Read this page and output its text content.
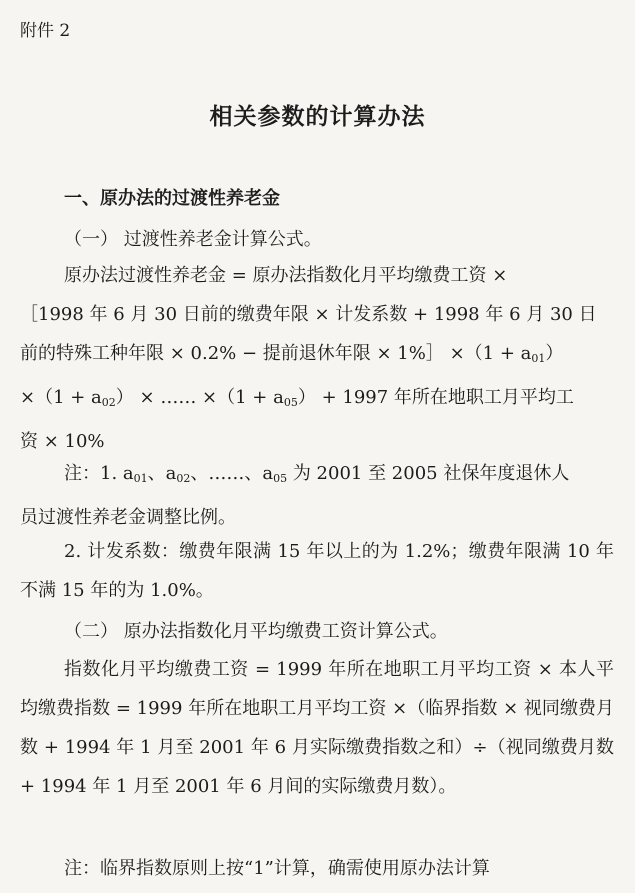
附件 2
相关参数的计算办法
一、原办法的过渡性养老金

（一） 过渡性养老金计算公式。

原办法过渡性养老金 = 原办法指数化月平均缴费工资 ×
［1998 年 6 月 30 日前的缴费年限 × 计发系数 + 1998 年 6 月 30 日
前的特殊工种年限 × 0.2% − 提前退休年限 × 1%］ $\times(1 + a_{01})$
$\times(1 + a_{02})$ × …… $\times(1 + a_{05}) + 1997$ 年所在地职工月平均工
资 × 10%
注：1. $a_{01}$、$a_{02}$、……、$a_{05}$ 为 2001 至 2005 社保年度退休人
员过渡性养老金调整比例。

2. 计发系数：缴费年限满 15 年以上的为 1.2%；缴费年限满 10 年不满 15 年的为 1.0%。

（二） 原办法指数化月平均缴费工资计算公式。

指数化月平均缴费工资 = 1999 年所在地职工月平均工资 × 本人平均缴费指数 = 1999 年所在地职工月平均工资 ×（临界指数 × 视同缴费月数 + 1994 年 1 月至 2001 年 6 月实际缴费指数之和）÷（视同缴费月数 + 1994 年 1 月至 2001 年 6 月间的实际缴费月数）。

注：临界指数原则上按“1”计算，确需使用原办法计算
